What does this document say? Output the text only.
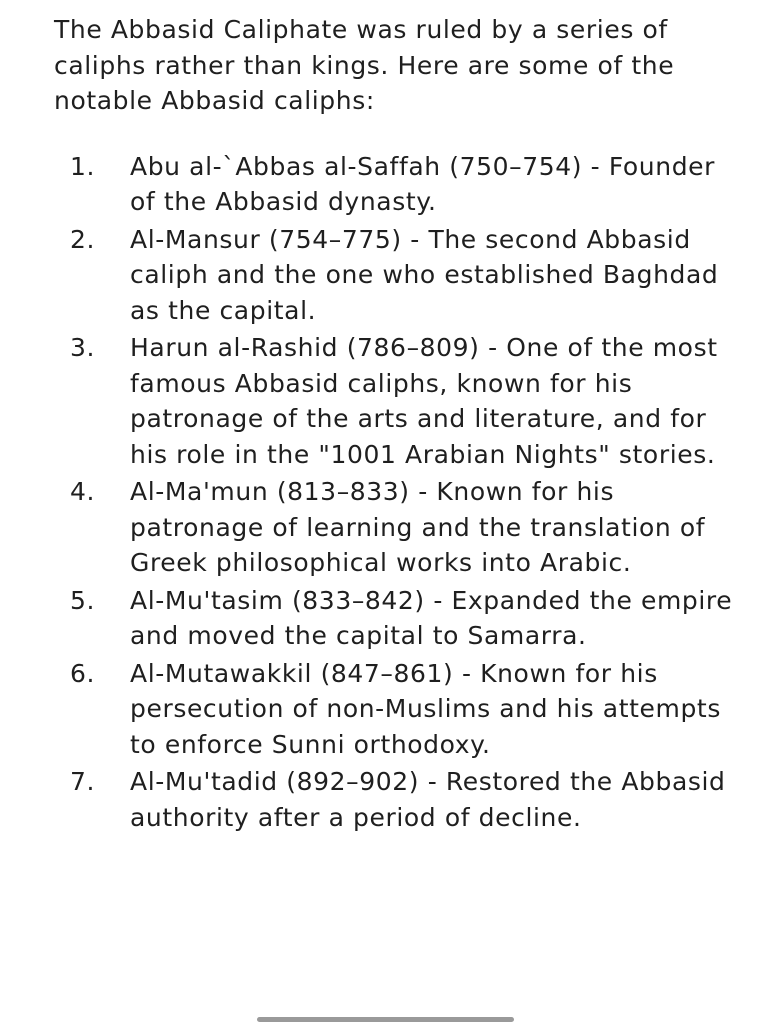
The Abbasid Caliphate was ruled by a series of caliphs rather than kings. Here are some of the notable Abbasid caliphs:

1. Abu al-`Abbas al-Saffah (750–754) - Founder of the Abbasid dynasty.
2. Al-Mansur (754–775) - The second Abbasid caliph and the one who established Baghdad as the capital.
3. Harun al-Rashid (786–809) - One of the most famous Abbasid caliphs, known for his patronage of the arts and literature, and for his role in the "1001 Arabian Nights" stories.
4. Al-Ma'mun (813–833) - Known for his patronage of learning and the translation of Greek philosophical works into Arabic.
5. Al-Mu'tasim (833–842) - Expanded the empire and moved the capital to Samarra.
6. Al-Mutawakkil (847–861) - Known for his persecution of non-Muslims and his attempts to enforce Sunni orthodoxy.
7. Al-Mu'tadid (892–902) - Restored the Abbasid authority after a period of decline.
